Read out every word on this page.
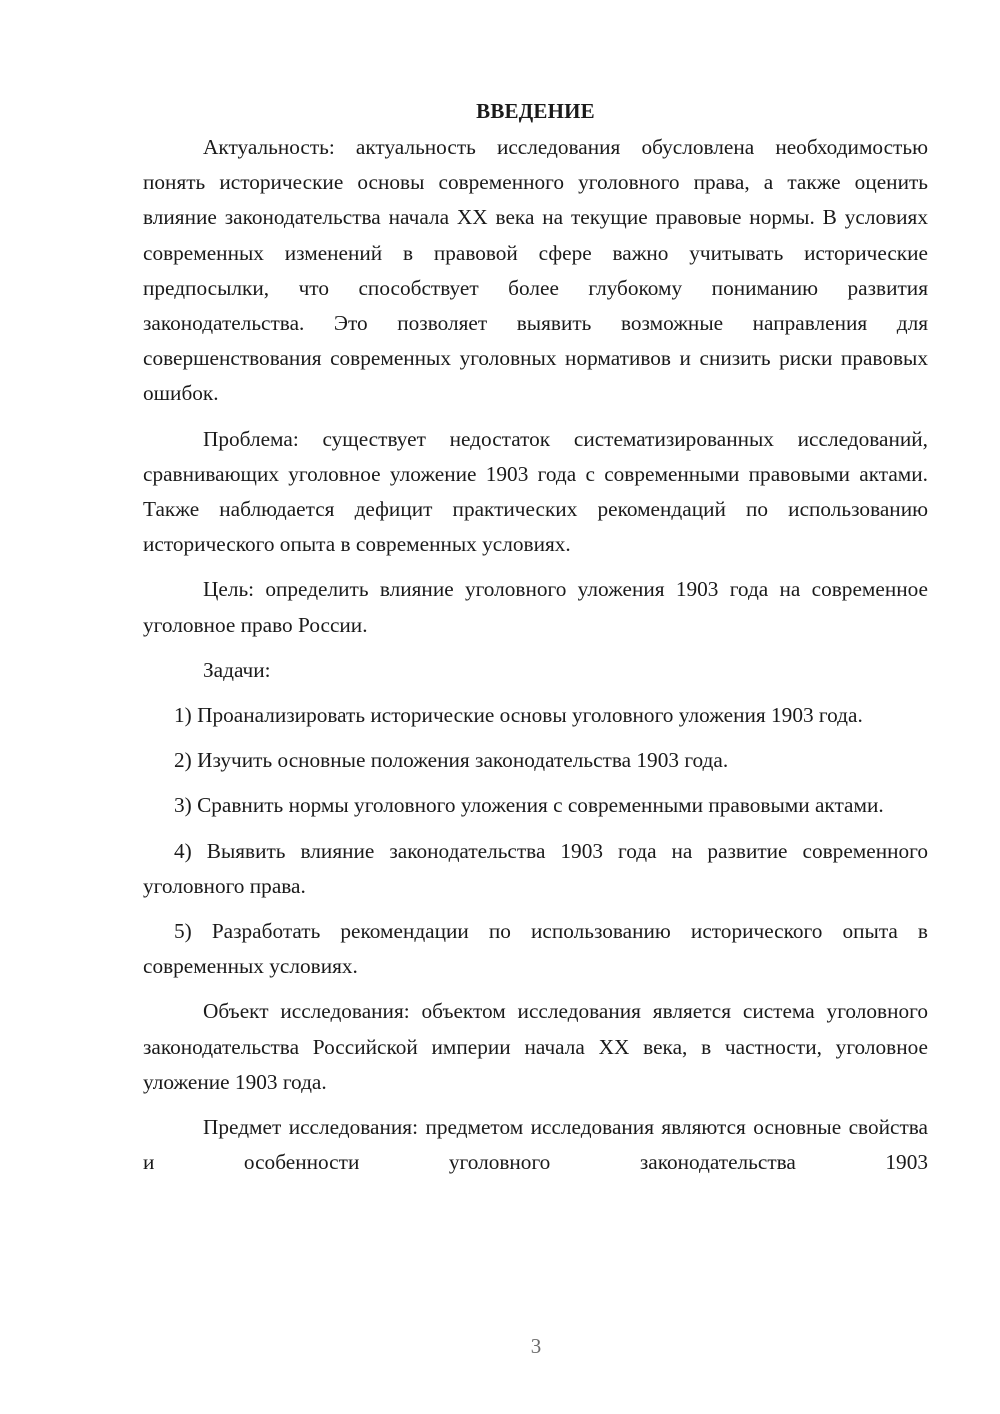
ВВЕДЕНИЕ
Актуальность: актуальность исследования обусловлена необходимостью понять исторические основы современного уголовного права, а также оценить влияние законодательства начала XX века на текущие правовые нормы. В условиях современных изменений в правовой сфере важно учитывать исторические предпосылки, что способствует более глубокому пониманию развития законодательства. Это позволяет выявить возможные направления для совершенствования современных уголовных нормативов и снизить риски правовых ошибок.
Проблема: существует недостаток систематизированных исследований, сравнивающих уголовное уложение 1903 года с современными правовыми актами. Также наблюдается дефицит практических рекомендаций по использованию исторического опыта в современных условиях.
Цель: определить влияние уголовного уложения 1903 года на современное уголовное право России.
Задачи:
1) Проанализировать исторические основы уголовного уложения 1903 года.
2) Изучить основные положения законодательства 1903 года.
3) Сравнить нормы уголовного уложения с современными правовыми актами.
4) Выявить влияние законодательства 1903 года на развитие современного уголовного права.
5) Разработать рекомендации по использованию исторического опыта в современных условиях.
Объект исследования: объектом исследования является система уголовного законодательства Российской империи начала XX века, в частности, уголовное уложение 1903 года.
Предмет исследования: предметом исследования являются основные свойства и особенности уголовного законодательства 1903
3
